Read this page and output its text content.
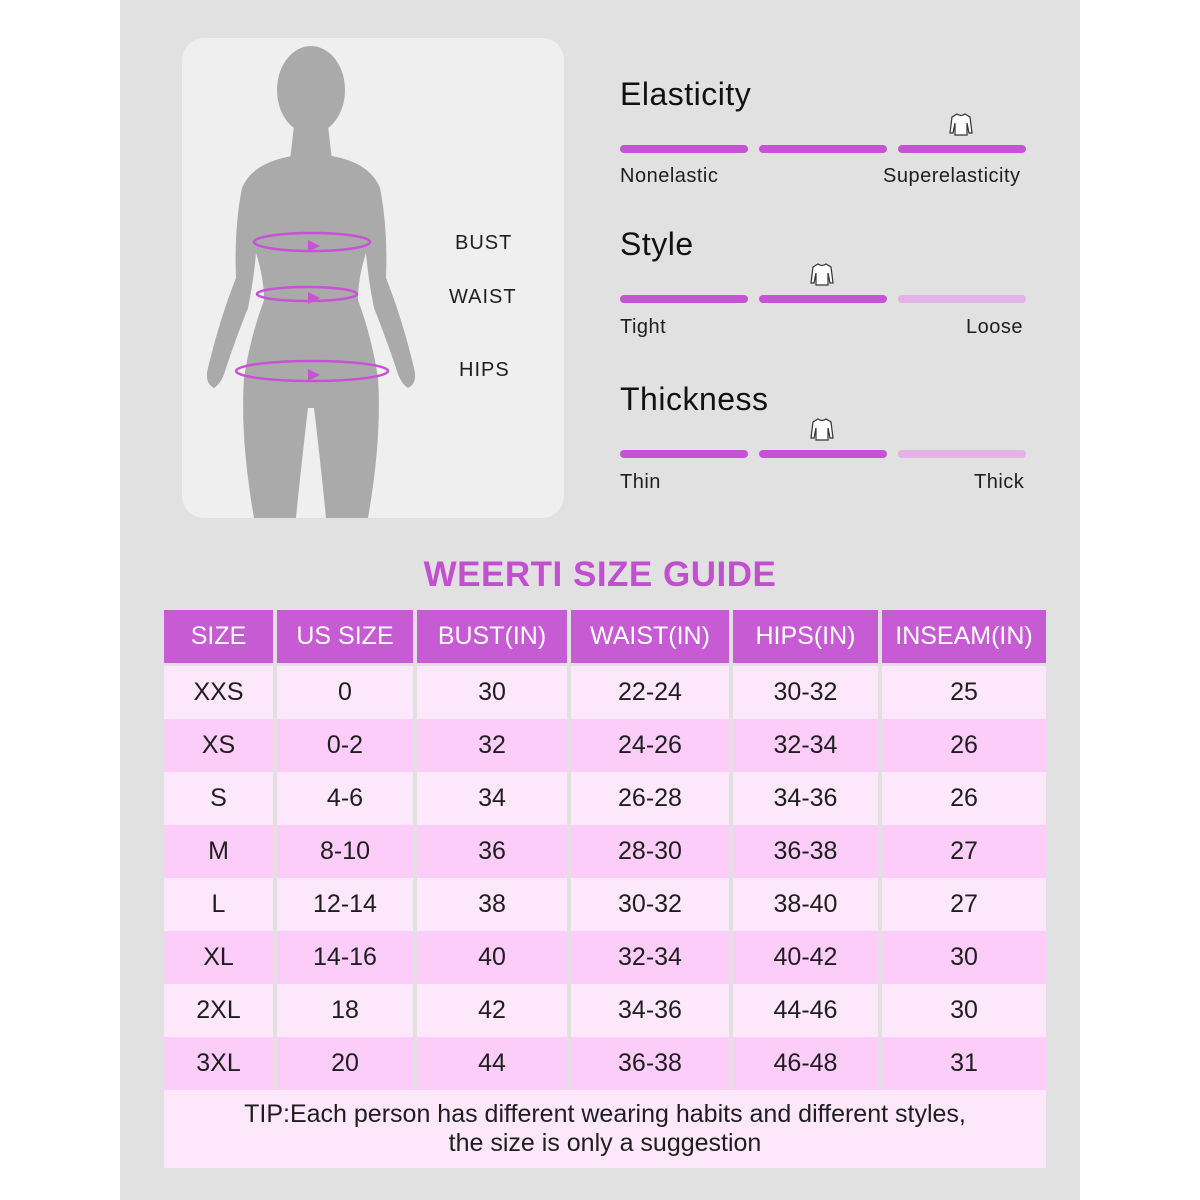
BUST
WAIST
HIPS
Elasticity
Nonelastic	Superelasticity
Style
Tight	Loose
Thickness
Thin	Thick
WEERTI SIZE GUIDE
SIZE	US SIZE	BUST(IN)	WAIST(IN)	HIPS(IN)	INSEAM(IN)
XXS	0	30	22-24	30-32	25
XS	0-2	32	24-26	32-34	26
S	4-6	34	26-28	34-36	26
M	8-10	36	28-30	36-38	27
L	12-14	38	30-32	38-40	27
XL	14-16	40	32-34	40-42	30
2XL	18	42	34-36	44-46	30
3XL	20	44	36-38	46-48	31
TIP:Each person has different wearing habits and different styles,
the size is only a suggestion
